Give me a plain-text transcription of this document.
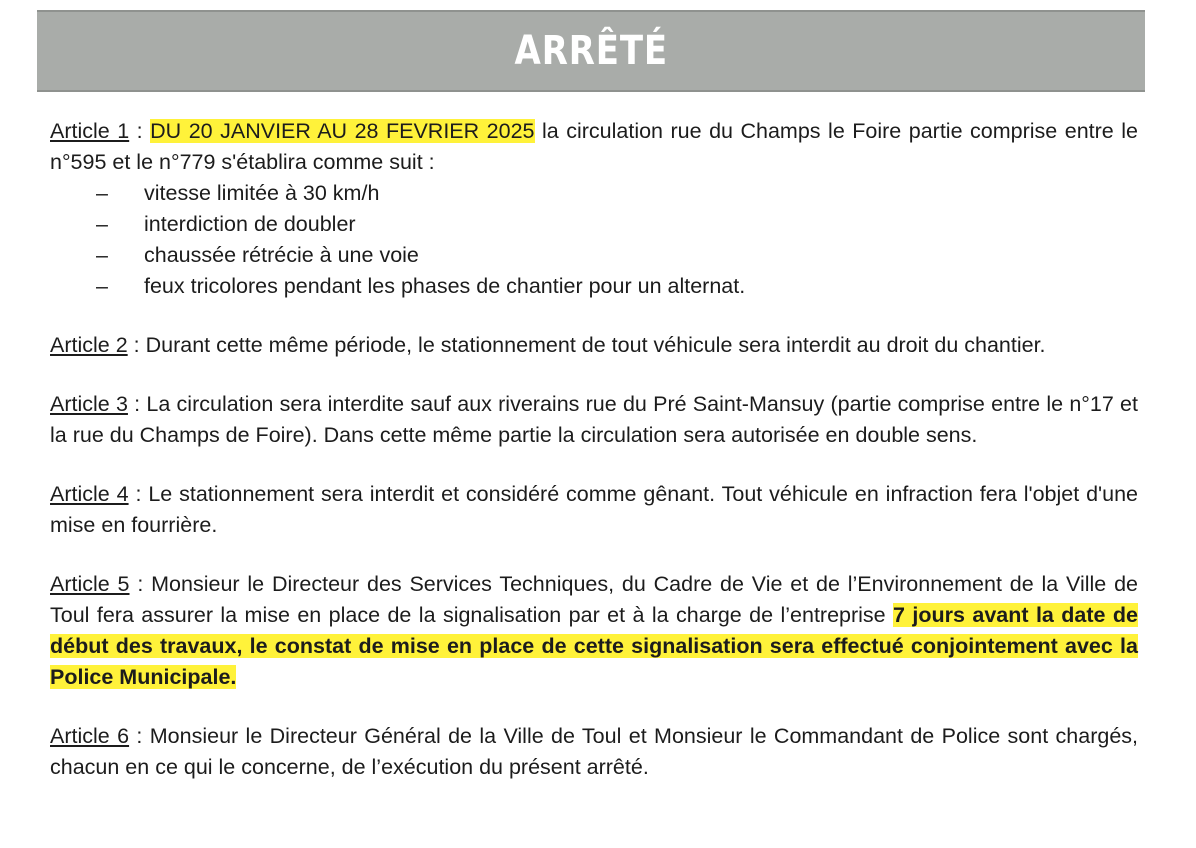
ARRÊTÉ

Article 1 : DU 20 JANVIER AU 28 FEVRIER 2025 la circulation rue du Champs le Foire partie comprise entre le n°595 et le n°779 s'établira comme suit :

– vitesse limitée à 30 km/h
– interdiction de doubler
– chaussée rétrécie à une voie
– feux tricolores pendant les phases de chantier pour un alternat.

Article 2 : Durant cette même période, le stationnement de tout véhicule sera interdit au droit du chantier.

Article 3 : La circulation sera interdite sauf aux riverains rue du Pré Saint-Mansuy (partie comprise entre le n°17 et la rue du Champs de Foire). Dans cette même partie la circulation sera autorisée en double sens.

Article 4 : Le stationnement sera interdit et considéré comme gênant. Tout véhicule en infraction fera l'objet d'une mise en fourrière.

Article 5 : Monsieur le Directeur des Services Techniques, du Cadre de Vie et de l’Environnement de la Ville de Toul fera assurer la mise en place de la signalisation par et à la charge de l’entreprise 7 jours avant la date de début des travaux, le constat de mise en place de cette signalisation sera effectué conjointement avec la Police Municipale.

Article 6 : Monsieur le Directeur Général de la Ville de Toul et Monsieur le Commandant de Police sont chargés, chacun en ce qui le concerne, de l’exécution du présent arrêté.
